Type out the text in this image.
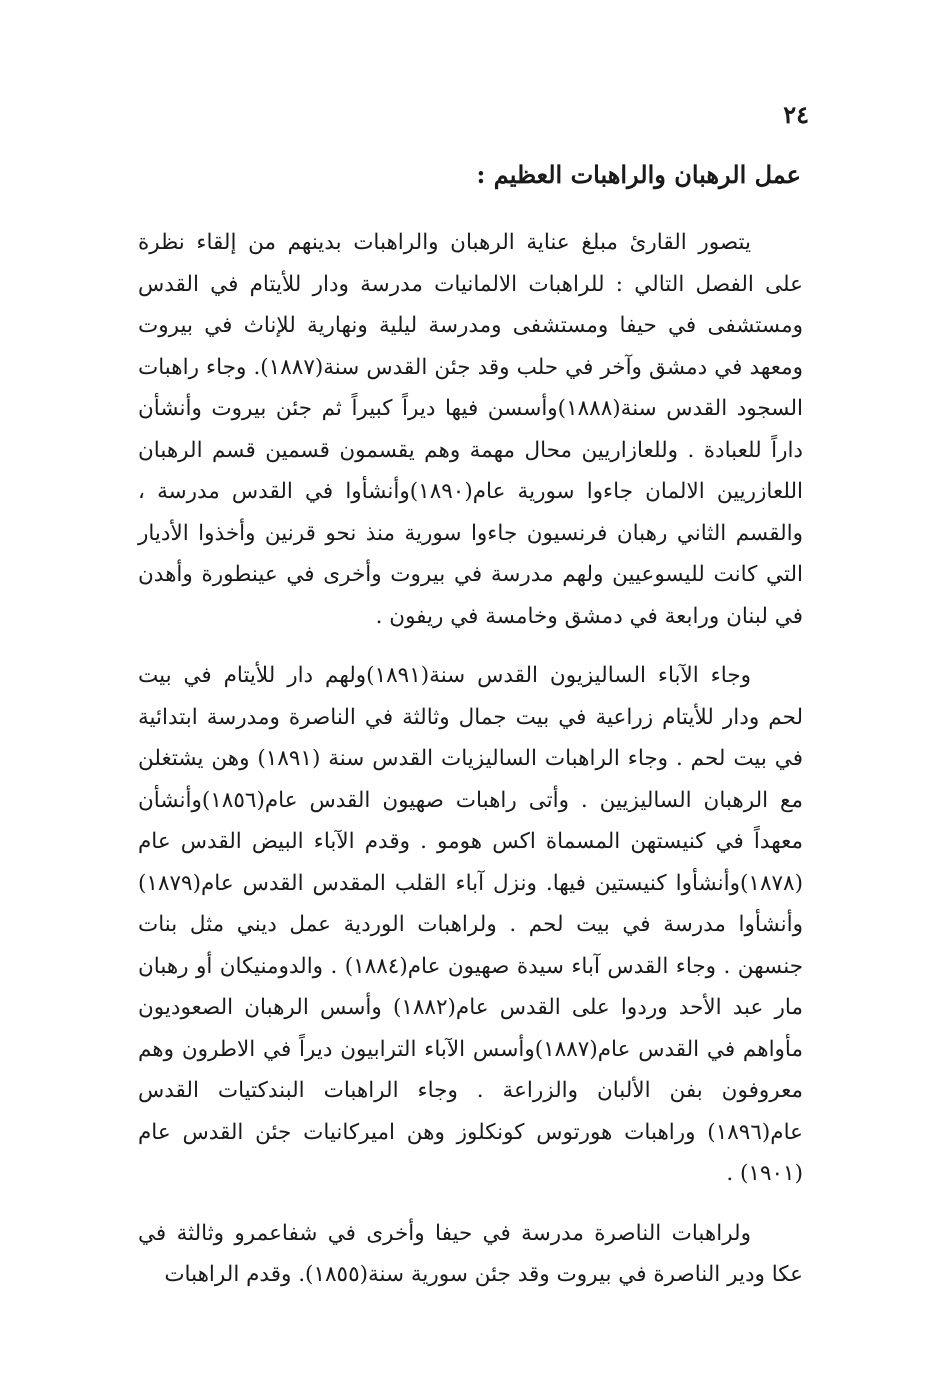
٢٤
عمل الرهبان والراهبات العظيم :

يتصور القارئ مبلغ عناية الرهبان والراهبات بدينهم من إلقاء نظرة على الفصل التالي : للراهبات الالمانيات مدرسة ودار للأيتام في القدس ومستشفى في حيفا ومستشفى ومدرسة ليلية ونهارية للإناث في بيروت ومعهد في دمشق وآخر في حلب وقد جئن القدس سنة(١٨٨٧). وجاء راهبات السجود القدس سنة(١٨٨٨)وأسسن فيها ديراً كبيراً ثم جئن بيروت وأنشأن داراً للعبادة . وللعازاريين محال مهمة وهم يقسمون قسمين قسم الرهبان اللعازريين الالمان جاءوا سورية عام(١٨٩٠)وأنشأوا في القدس مدرسة ، والقسم الثاني رهبان فرنسيون جاءوا سورية منذ نحو قرنين وأخذوا الأديار التي كانت لليسوعيين ولهم مدرسة في بيروت وأخرى في عينطورة وأهدن في لبنان ورابعة في دمشق وخامسة في ريفون .

وجاء الآباء الساليزيون القدس سنة(١٨٩١)ولهم دار للأيتام في بيت لحم ودار للأيتام زراعية في بيت جمال وثالثة في الناصرة ومدرسة ابتدائية في بيت لحم . وجاء الراهبات الساليزيات القدس سنة (١٨٩١) وهن يشتغلن مع الرهبان الساليزيين . وأتى راهبات صهيون القدس عام(١٨٥٦)وأنشأن معهداً في كنيستهن المسماة اكس هومو . وقدم الآباء البيض القدس عام (١٨٧٨)وأنشأوا كنيستين فيها. ونزل آباء القلب المقدس القدس عام(١٨٧٩) وأنشأوا مدرسة في بيت لحم . ولراهبات الوردية عمل ديني مثل بنات جنسهن . وجاء القدس آباء سيدة صهيون عام(١٨٨٤) . والدومنيكان أو رهبان مار عبد الأحد وردوا على القدس عام(١٨٨٢) وأسس الرهبان الصعوديون مأواهم في القدس عام(١٨٨٧)وأسس الآباء الترابيون ديراً في الاطرون وهم معروفون بفن الألبان والزراعة . وجاء الراهبات البندكتيات القدس عام(١٨٩٦) وراهبات هورتوس كونكلوز وهن اميركانيات جئن القدس عام (١٩٠١) .

ولراهبات الناصرة مدرسة في حيفا وأخرى في شفاعمرو وثالثة في عكا ودير الناصرة في بيروت وقد جئن سورية سنة(١٨٥٥). وقدم الراهبات
